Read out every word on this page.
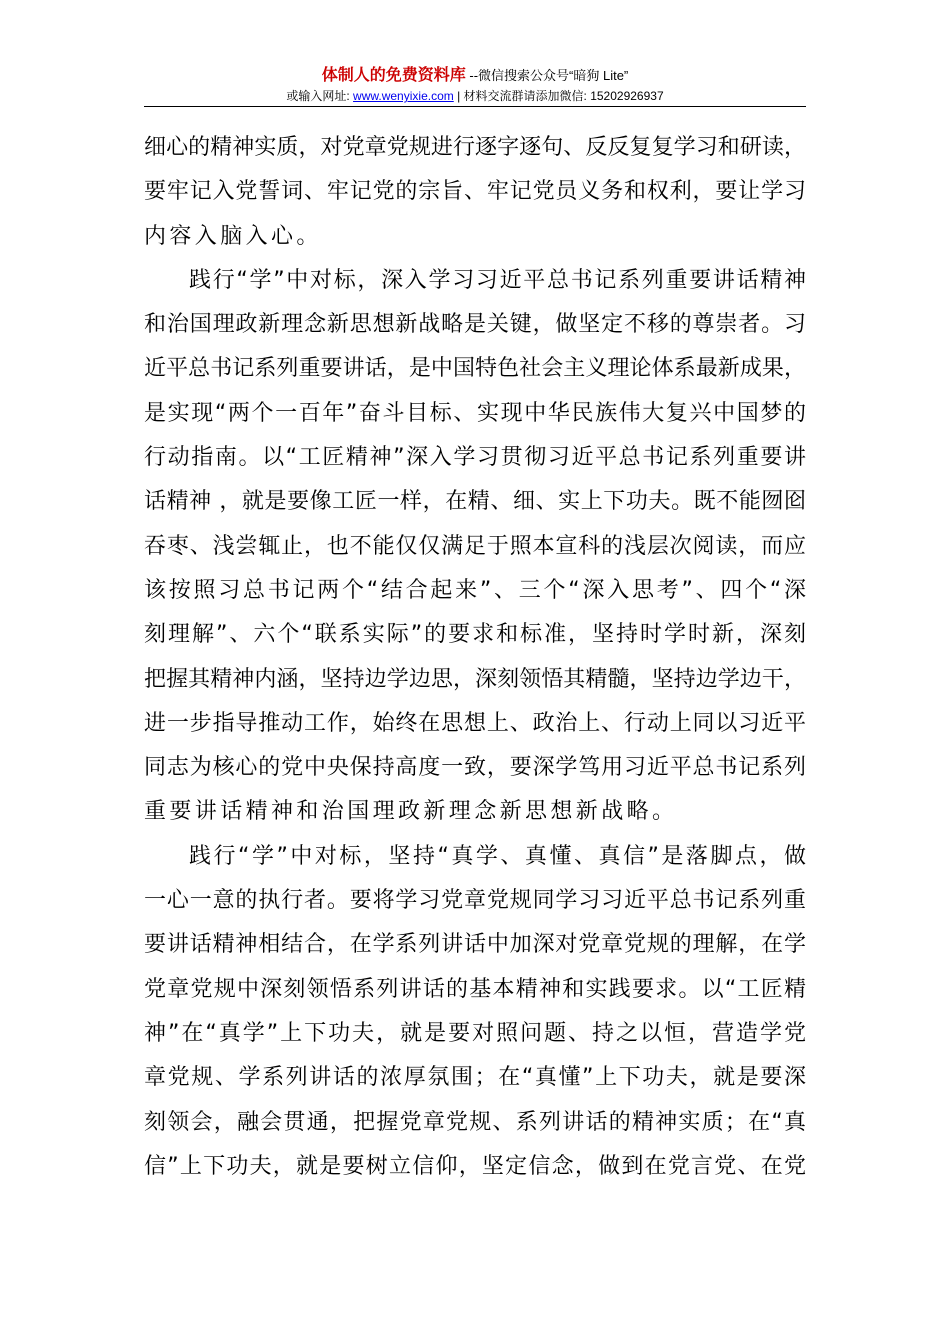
体制人的免费资料库 --微信搜索公众号“暗狗 Lite”
或输入网址: www.wenyixie.com | 材料交流群请添加微信: 15202926937
细心的精神实质，对党章党规进行逐字逐句、反反复复学习和研读，
要牢记入党誓词、牢记党的宗旨、牢记党员义务和权利，要让学习
内容入脑入心。
践行“学”中对标，深入学习习近平总书记系列重要讲话精神
和治国理政新理念新思想新战略是关键，做坚定不移的尊崇者。习
近平总书记系列重要讲话，是中国特色社会主义理论体系最新成果，
是实现“两个一百年”奋斗目标、实现中华民族伟大复兴中国梦的
行动指南。以“工匠精神”深入学习贯彻习近平总书记系列重要讲
话精神 ，就是要像工匠一样，在精、细、实上下功夫。既不能囫囵
吞枣、浅尝辄止，也不能仅仅满足于照本宣科的浅层次阅读，而应
该按照习总书记两个“结合起来”、三个“深入思考”、四个“深
刻理解”、六个“联系实际”的要求和标准，坚持时学时新，深刻
把握其精神内涵，坚持边学边思，深刻领悟其精髓，坚持边学边干，
进一步指导推动工作，始终在思想上、政治上、行动上同以习近平
同志为核心的党中央保持高度一致，要深学笃用习近平总书记系列
重要讲话精神和治国理政新理念新思想新战略。
践行“学”中对标，坚持“真学、真懂、真信”是落脚点，做
一心一意的执行者。要将学习党章党规同学习习近平总书记系列重
要讲话精神相结合，在学系列讲话中加深对党章党规的理解，在学
党章党规中深刻领悟系列讲话的基本精神和实践要求。以“工匠精
神”在“真学”上下功夫，就是要对照问题、持之以恒，营造学党
章党规、学系列讲话的浓厚氛围；在“真懂”上下功夫，就是要深
刻领会，融会贯通，把握党章党规、系列讲话的精神实质；在“真
信”上下功夫，就是要树立信仰，坚定信念，做到在党言党、在党
